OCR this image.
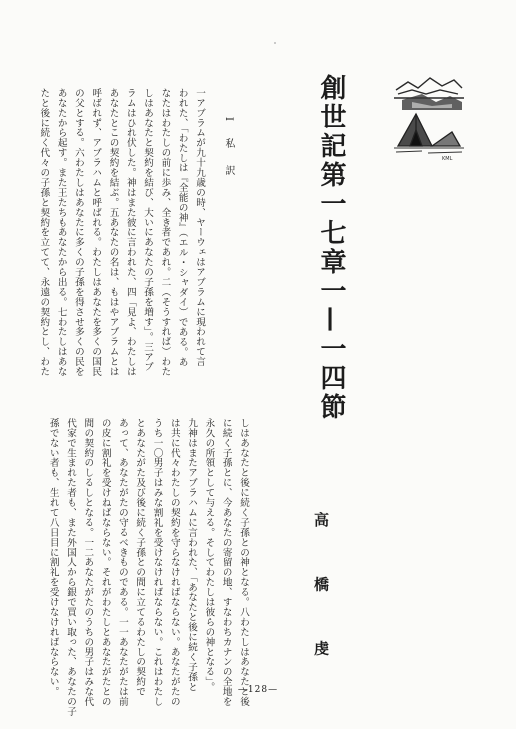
KML
創世記第一七章一—一四節
I 私 訳
一アブラムが九十九歳の時、ヤーウェはアブラムに現われて言
われた、「わたしは『全能の神』（エル・シャダイ）である。あ
なたはわたしの前に歩み、全き者であれ。二（そうすれば）わた
しはあなたと契約を結び、大いにあなたの子孫を増す」。三アブ
ラムはひれ伏した。神はまた彼に言われた、四「見よ、わたしは
あなたとこの契約を結ぶ。五あなたの名は、もはやアブラムとは
呼ばれず、アブラハムと呼ばれる。わたしはあなたを多くの国民
の父とする。六わたしはあなたに多くの子孫を得させ多くの民を
あなたから起す。また王たちもあなたから出る。七わたしはあな
たと後に続く代々の子孫と契約を立てて、永遠の契約とし、わた
しはあなたと後に続く子孫との神となる。八わたしはあなたと後
に続く子孫とに、今あなたの寄留の地、すなわちカナンの全地を
永久の所領として与える。そしてわたしは彼らの神となる」。
九神はまたアブラハムに言われた、「あなたと後に続く子孫と
は共に代々わたしの契約を守らなければならない。あなたがたの
うち一〇男子はみな割礼を受けなければならない。これはわたし
とあなたがた及び後に続く子孫との間に立てるわたしの契約で
あって、あなたがたの守るべきものである。一一あなたがたは前
の皮に割礼を受けねばならない。それがわたしとあなたがたとの
間の契約のしるしとなる。一二あなたがたのうちの男子はみな代
代家で生まれた者も、また外国人から銀で買い取った、あなたの子
孫でない者も、生れて八日目に割礼を受けなければならない。	高 橋 虔
—128—
